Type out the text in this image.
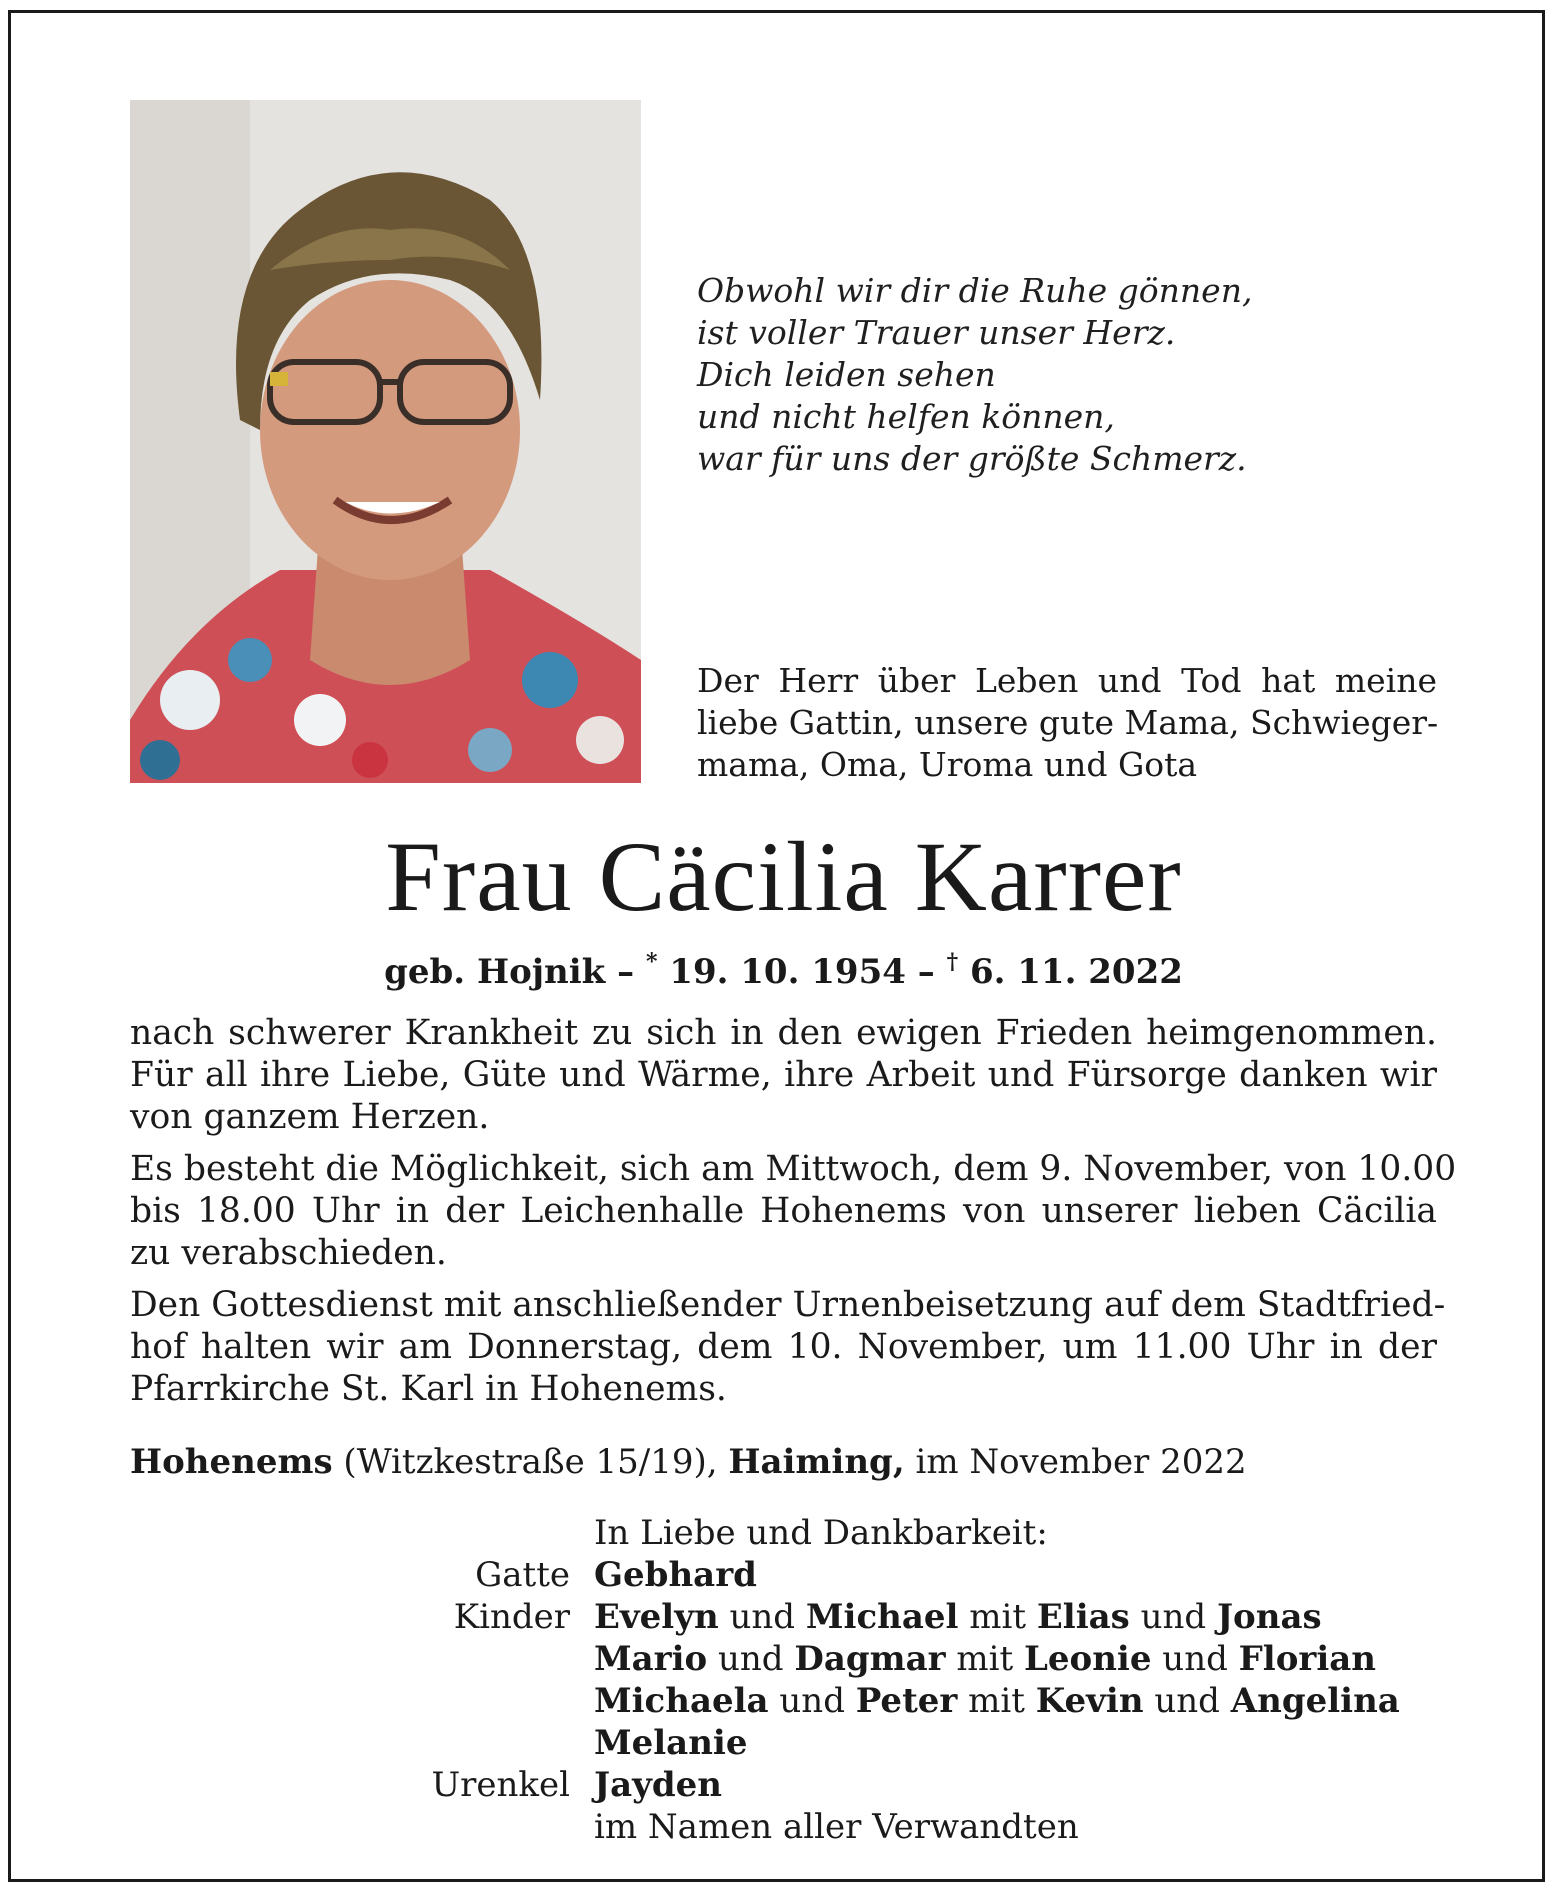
Obwohl wir dir die Ruhe gönnen,
ist voller Trauer unser Herz.
Dich leiden sehen
und nicht helfen können,
war für uns der größte Schmerz.
Der Herr über Leben und Tod hat meine
liebe Gattin, unsere gute Mama, Schwieger-
mama, Oma, Uroma und Gota
Frau Cäcilia Karrer
geb. Hojnik – * 19. 10. 1954 – † 6. 11. 2022
nach schwerer Krankheit zu sich in den ewigen Frieden heimgenommen.
Für all ihre Liebe, Güte und Wärme, ihre Arbeit und Fürsorge danken wir
von ganzem Herzen.
Es besteht die Möglichkeit, sich am Mittwoch, dem 9. November, von 10.00
bis 18.00 Uhr in der Leichenhalle Hohenems von unserer lieben Cäcilia
zu verabschieden.
Den Gottesdienst mit anschließender Urnenbeisetzung auf dem Stadtfried-
hof halten wir am Donnerstag, dem 10. November, um 11.00 Uhr in der
Pfarrkirche St. Karl in Hohenems.
Hohenems (Witzkestraße 15/19), Haiming, im November 2022
In Liebe und Dankbarkeit:
Gatte Gebhard
Kinder Evelyn und Michael mit Elias und Jonas
Mario und Dagmar mit Leonie und Florian
Michaela und Peter mit Kevin und Angelina
Melanie
Urenkel Jayden
im Namen aller Verwandten
